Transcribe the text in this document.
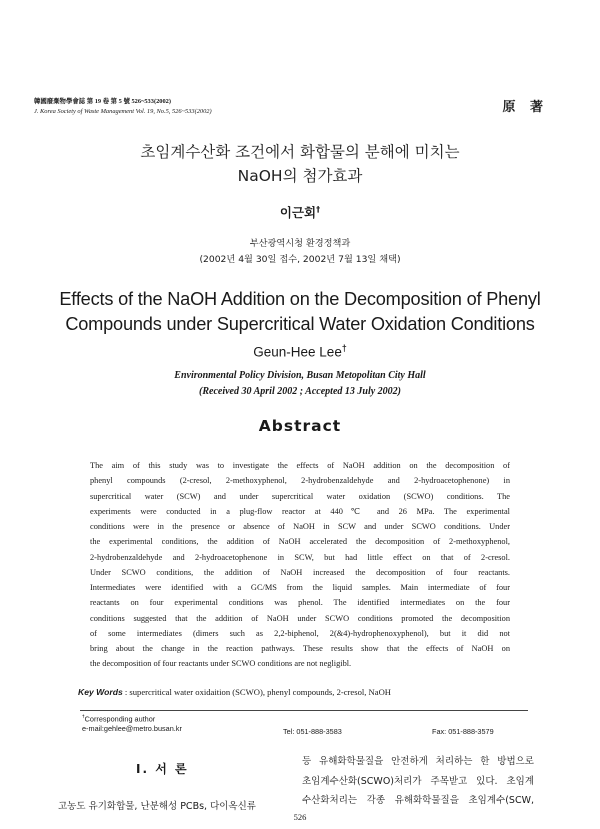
韓國廢棄物學會誌 第 19 卷 第 5 號 526~533(2002)
J. Korea Society of Waste Management Vol. 19, No.5, 526~533(2002)	原 著
초임계수산화 조건에서 화합물의 분해에 미치는
NaOH의 첨가효과
이근회†
부산광역시청 환경정책과
(2002년 4월 30일 접수, 2002년 7월 13일 채택)
Effects of the NaOH Addition on the Decomposition of Phenyl
Compounds under Supercritical Water Oxidation Conditions
Geun-Hee Lee†
Environmental Policy Division, Busan Metopolitan City Hall
(Received 30 April 2002 ; Accepted 13 July 2002)
Abstract
The aim of this study was to investigate the effects of NaOH addition on the decomposition of
phenyl compounds (2-cresol, 2-methoxyphenol, 2-hydrobenzaldehyde and 2-hydroacetophenone) in
supercritical water (SCW) and under supercritical water oxidation (SCWO) conditions. The
experiments were conducted in a plug-flow reactor at 440℃ and 26 MPa. The experimental
conditions were in the presence or absence of NaOH in SCW and under SCWO conditions. Under
the experimental conditions, the addition of NaOH accelerated the decomposition of 2-methoxyphenol,
2-hydrobenzaldehyde and 2-hydroacetophenone in SCW, but had little effect on that of 2-cresol.
Under SCWO conditions, the addition of NaOH increased the decomposition of four reactants.
Intermediates were identified with a GC/MS from the liquid samples. Main intermediate of four
reactants on four experimental conditions was phenol. The identified intermediates on the four
conditions suggested that the addition of NaOH under SCWO conditions promoted the decomposition
of some intermediates (dimers such as 2,2-biphenol, 2(&4)-hydrophenoxyphenol), but it did not
bring about the change in the reaction pathways. These results show that the effects of NaOH on
the decomposition of four reactants under SCWO conditions are not negligibl.
Key Words : supercritical water oxidaition (SCWO), phenyl compounds, 2-cresol, NaOH
†Corresponding author
e-mail:gehlee@metro.busan.kr	Tel: 051-888-3583	Fax: 051-888-3579
Ⅰ. 서 론
고농도 유기화합물, 난분해성 PCBs, 다이옥신류
등 유해화학물질을 안전하게 처리하는 한 방법으로
초임계수산화(SCWO)처리가 주목받고 있다. 초임계
수산화처리는 각종 유해화학물질을 초임계수(SCW,
526
